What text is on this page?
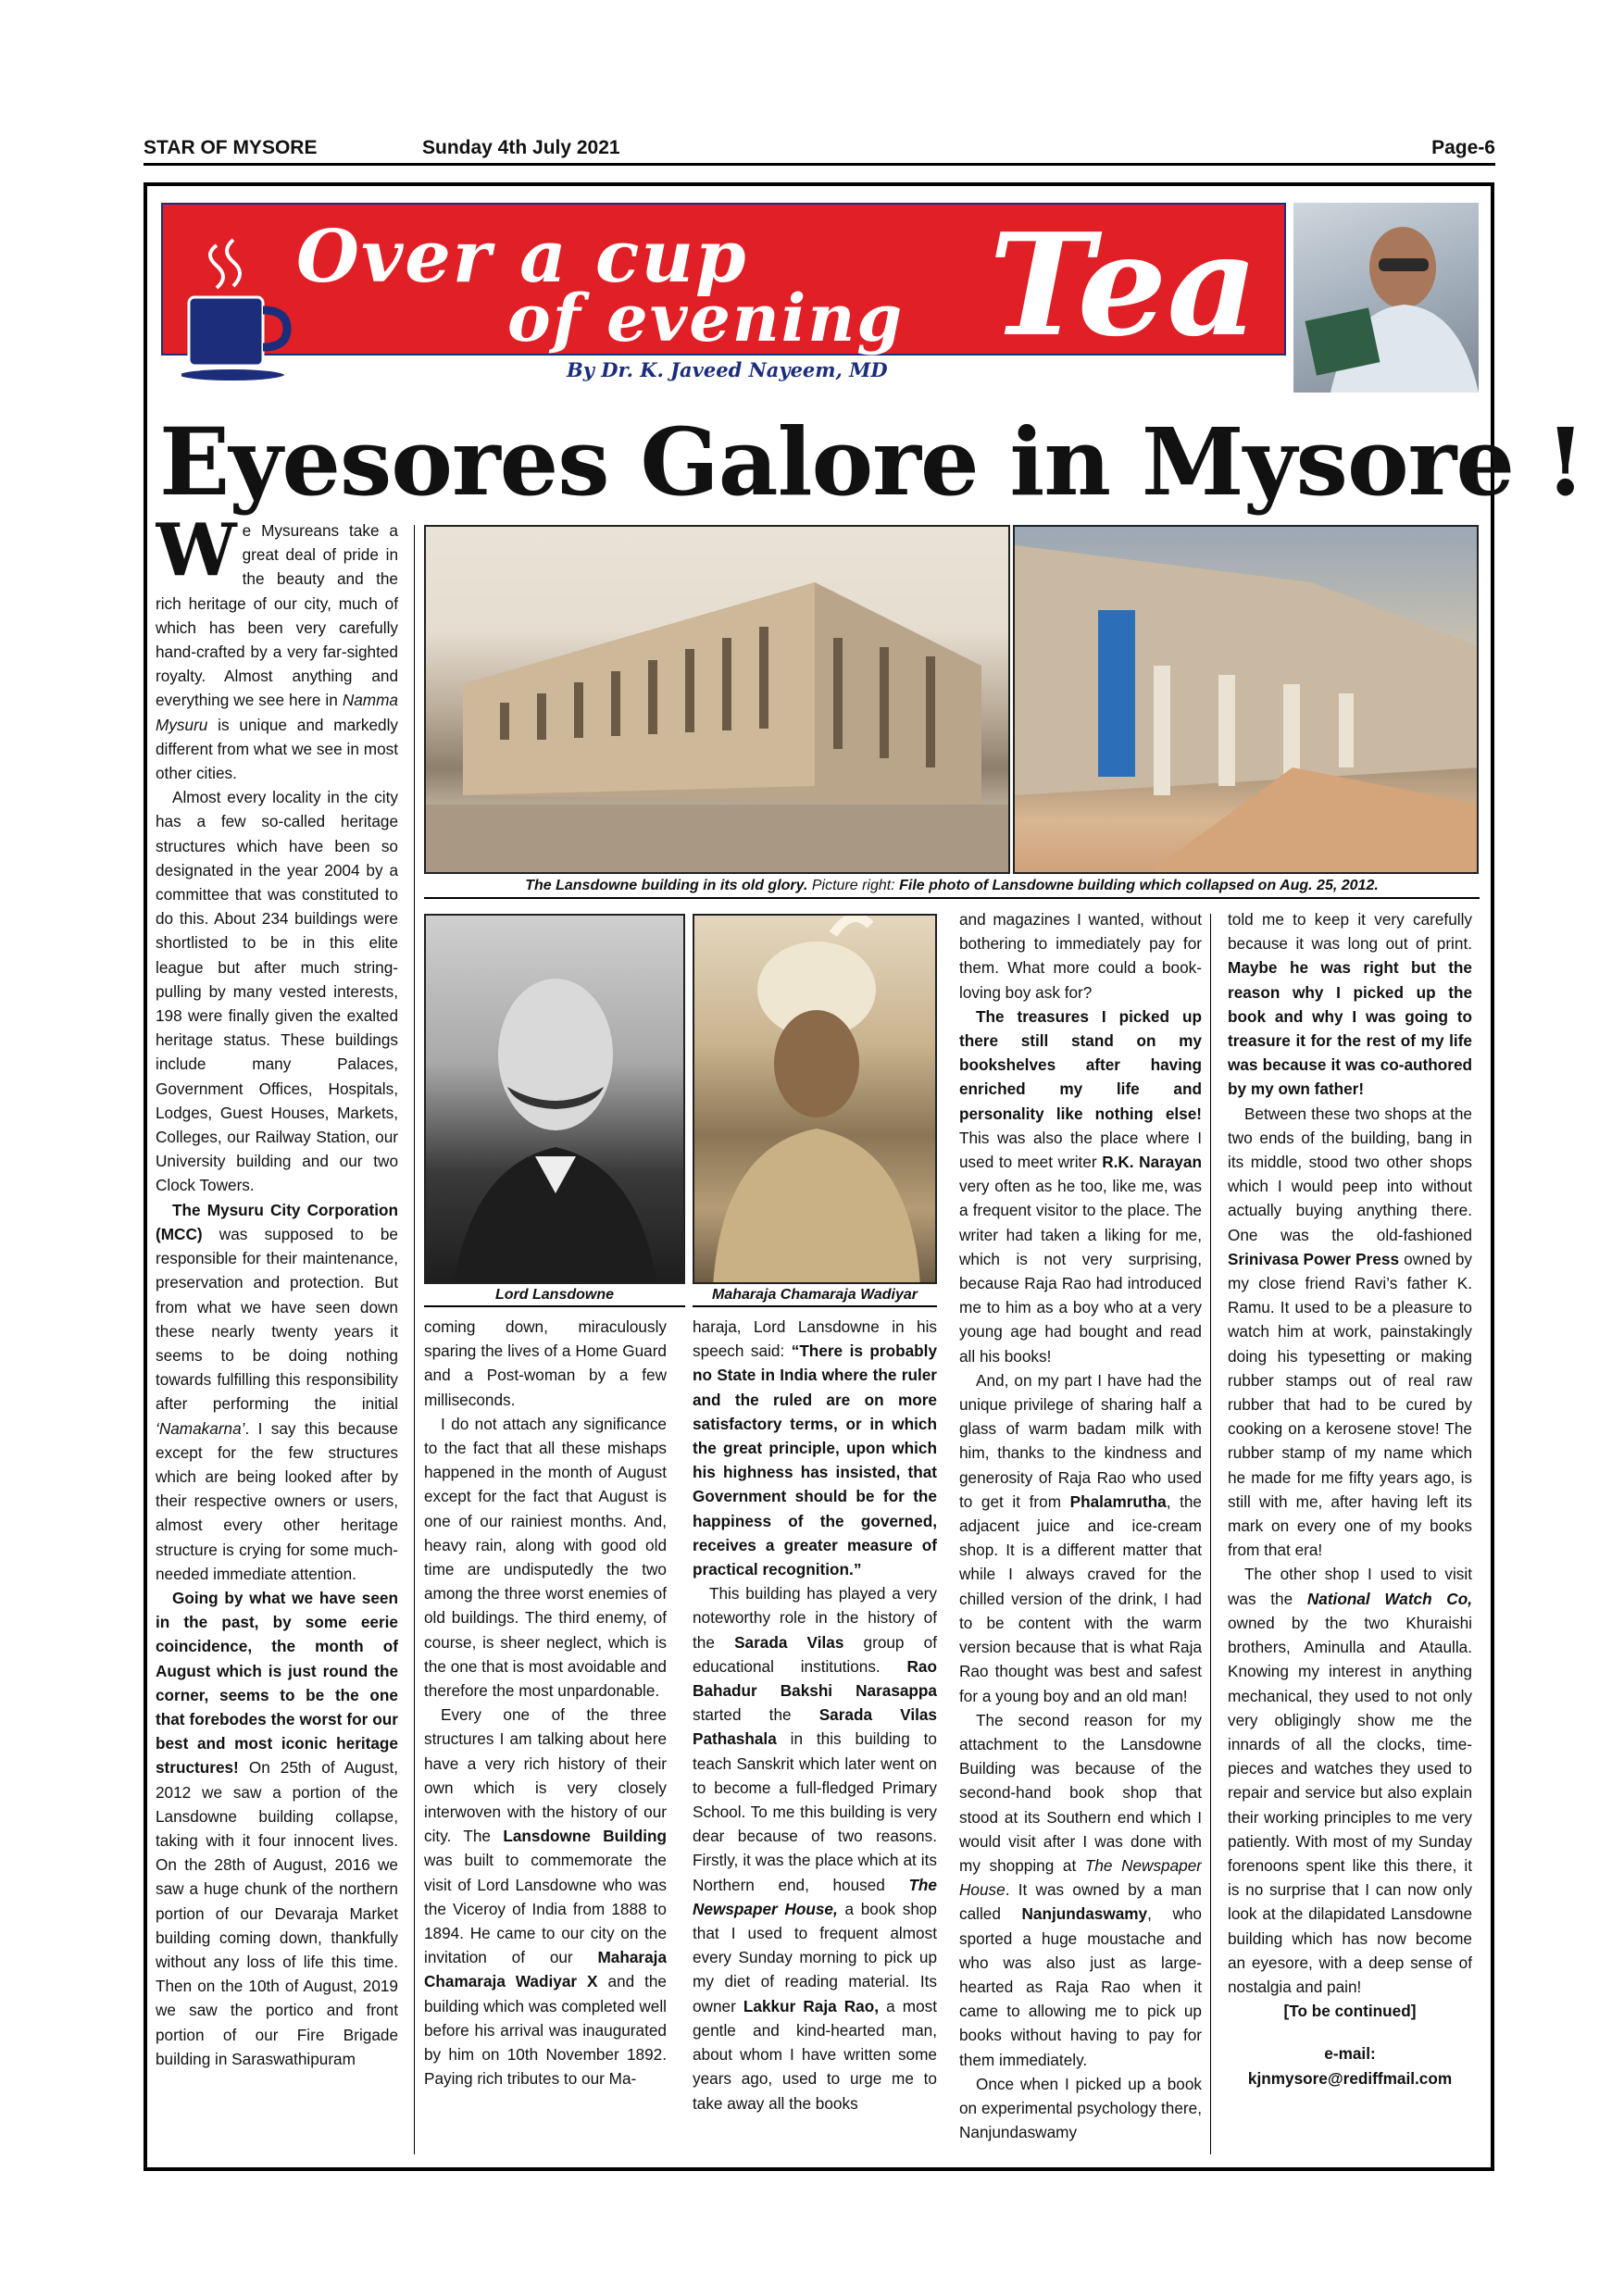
STAR OF MYSORE	Sunday 4th July 2021	Page-6
Over a cup
of evening Tea
By Dr. K. Javeed Nayeem, MD
Eyesores Galore in Mysore !
The Lansdowne building in its old glory. Picture right: File photo of Lansdowne building which collapsed on Aug. 25, 2012.
Lord Lansdowne	Maharaja Chamaraja Wadiyar

We Mysureans take a great deal of pride in the beauty and the rich heritage of our city, much of which has been very carefully hand-crafted by a very far-sighted royalty. Almost anything and everything we see here in Namma Mysuru is unique and markedly different from what we see in most other cities.

Almost every locality in the city has a few so-called heritage structures which have been so designated in the year 2004 by a committee that was constituted to do this. About 234 buildings were shortlisted to be in this elite league but after much string-pulling by many vested interests, 198 were finally given the exalted heritage status. These buildings include many Palaces, Government Offices, Hospitals, Lodges, Guest Houses, Markets, Colleges, our Railway Station, our University building and our two Clock Towers.

The Mysuru City Corporation (MCC) was supposed to be responsible for their maintenance, preservation and protection. But from what we have seen down these nearly twenty years it seems to be doing nothing towards fulfilling this responsibility after performing the initial ‘Namakarna’. I say this because except for the few structures which are being looked after by their respective owners or users, almost every other heritage structure is crying for some much-needed immediate attention.

Going by what we have seen in the past, by some eerie coincidence, the month of August which is just round the corner, seems to be the one that forebodes the worst for our best and most iconic heritage structures! On 25th of August, 2012 we saw a portion of the Lansdowne building collapse, taking with it four innocent lives. On the 28th of August, 2016 we saw a huge chunk of the northern portion of our Devaraja Market building coming down, thankfully without any loss of life this time. Then on the 10th of August, 2019 we saw the portico and front portion of our Fire Brigade building in Saraswathipuram

coming down, miraculously sparing the lives of a Home Guard and a Post-woman by a few milliseconds.

I do not attach any significance to the fact that all these mishaps happened in the month of August except for the fact that August is one of our rainiest months. And, heavy rain, along with good old time are undisputedly the two among the three worst enemies of old buildings. The third enemy, of course, is sheer neglect, which is the one that is most avoidable and therefore the most unpardonable.

Every one of the three structures I am talking about here have a very rich history of their own which is very closely interwoven with the history of our city. The Lansdowne Building was built to commemorate the visit of Lord Lansdowne who was the Viceroy of India from 1888 to 1894. He came to our city on the invitation of our Maharaja Chamaraja Wadiyar X and the building which was completed well before his arrival was inaugurated by him on 10th November 1892. Paying rich tributes to our Ma-

haraja, Lord Lansdowne in his speech said: “There is probably no State in India where the ruler and the ruled are on more satisfactory terms, or in which the great principle, upon which his highness has insisted, that Government should be for the happiness of the governed, receives a greater measure of practical recognition.”

This building has played a very noteworthy role in the history of the Sarada Vilas group of educational institutions. Rao Bahadur Bakshi Narasappa started the Sarada Vilas Pathashala in this building to teach Sanskrit which later went on to become a full-fledged Primary School. To me this building is very dear because of two reasons. Firstly, it was the place which at its Northern end, housed The Newspaper House, a book shop that I used to frequent almost every Sunday morning to pick up my diet of reading material. Its owner Lakkur Raja Rao, a most gentle and kind-hearted man, about whom I have written some years ago, used to urge me to take away all the books

and magazines I wanted, without bothering to immediately pay for them. What more could a book-loving boy ask for?

The treasures I picked up there still stand on my bookshelves after having enriched my life and personality like nothing else! This was also the place where I used to meet writer R.K. Narayan very often as he too, like me, was a frequent visitor to the place. The writer had taken a liking for me, which is not very surprising, because Raja Rao had introduced me to him as a boy who at a very young age had bought and read all his books!

And, on my part I have had the unique privilege of sharing half a glass of warm badam milk with him, thanks to the kindness and generosity of Raja Rao who used to get it from Phalamrutha, the adjacent juice and ice-cream shop. It is a different matter that while I always craved for the chilled version of the drink, I had to be content with the warm version because that is what Raja Rao thought was best and safest for a young boy and an old man!

The second reason for my attachment to the Lansdowne Building was because of the second-hand book shop that stood at its Southern end which I would visit after I was done with my shopping at The Newspaper House. It was owned by a man called Nanjundaswamy, who sported a huge moustache and who was also just as large-hearted as Raja Rao when it came to allowing me to pick up books without having to pay for them immediately.

Once when I picked up a book on experimental psychology there, Nanjundaswamy

told me to keep it very carefully because it was long out of print. Maybe he was right but the reason why I picked up the book and why I was going to treasure it for the rest of my life was because it was co-authored by my own father!

Between these two shops at the two ends of the building, bang in its middle, stood two other shops which I would peep into without actually buying anything there. One was the old-fashioned Srinivasa Power Press owned by my close friend Ravi’s father K. Ramu. It used to be a pleasure to watch him at work, painstakingly doing his typesetting or making rubber stamps out of real raw rubber that had to be cured by cooking on a kerosene stove! The rubber stamp of my name which he made for me fifty years ago, is still with me, after having left its mark on every one of my books from that era!

The other shop I used to visit was the National Watch Co, owned by the two Khuraishi brothers, Aminulla and Ataulla. Knowing my interest in anything mechanical, they used to not only very obligingly show me the innards of all the clocks, time-pieces and watches they used to repair and service but also explain their working principles to me very patiently. With most of my Sunday forenoons spent like this there, it is no surprise that I can now only look at the dilapidated Lansdowne building which has now become an eyesore, with a deep sense of nostalgia and pain!

[To be continued]

e-mail:

kjnmysore@rediffmail.com
